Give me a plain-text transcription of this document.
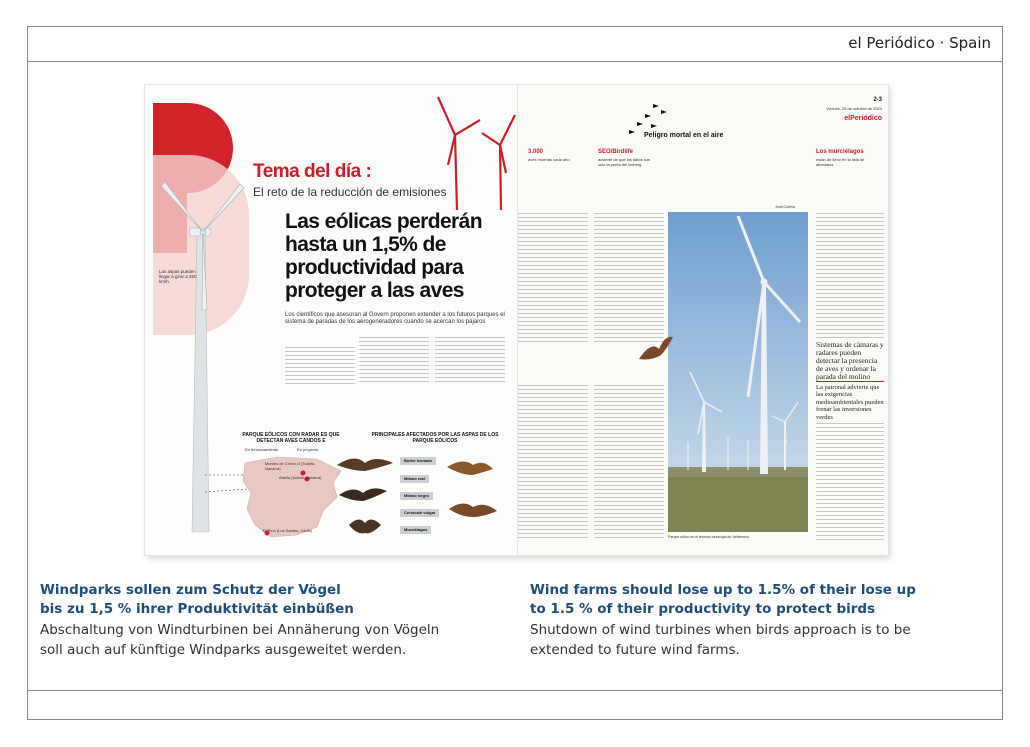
el Periódico · Spain
Las aspas pueden llegar a girar a 250 km/h
Tema del día :
El reto de la reducción de emisiones
Las eólicas perderán hasta un 1,5% de productividad para proteger a las aves
Los científicos que asesoran al Govern proponen extender a los futuros parques el sistema de paradas de los aerogeneradores cuando se acercan los pájaros
PARQUE EÓLICOS CON RADAR ES QUE DETECTAN AVES CANDOS E
En funcionamiento	En proyecto
Montes de Cierzo II (Tudela, Navarra)
Adelia (Adelia, Navarra)
El Pino (Los Santos, Cádiz)
PRINCIPALES AFECTADOS POR LAS ASPAS DE LOS PARQUE EÓLICOS
Buitre leonado
Milano real
Milano negro
Cernícalo vulgar
Murciélagos
2-3
Viernes, 25 de octubre de 2024
elPeriódico
Peligro mortal en el aire
3.000
aves muertas cada año
SEO/Birdlife
advierte de que los datos son solo la punta del iceberg
Los murciélagos
están de lleno en la lista de afectados
Jordi Cotrina
Parque eólico en el término municipal de Valdemoro.
Sistemas de cámaras y radares pueden detectar la presencia de aves y ordenar la parada del molino
La patronal advierte que las exigencias medioambientales pueden frenar las inversiones verdes
Windparks sollen zum Schutz der Vögel
bis zu 1,5 % ihrer Produktivität einbüßen
Abschaltung von Windturbinen bei Annäherung von Vögeln
soll auch auf künftige Windparks ausgeweitet werden.
Wind farms should lose up to 1.5% of their lose up
to 1.5 % of their productivity to protect birds
Shutdown of wind turbines when birds approach is to be
extended to future wind farms.
